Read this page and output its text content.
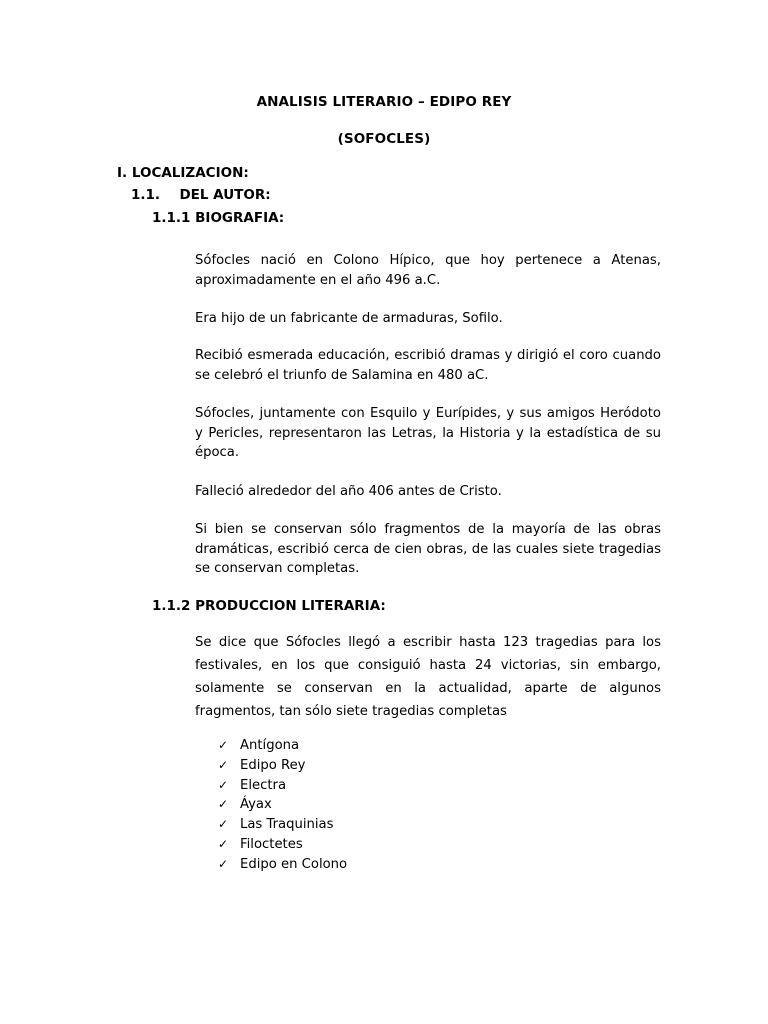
ANALISIS LITERARIO – EDIPO REY
(SOFOCLES)
I. LOCALIZACION:
1.1. DEL AUTOR:
1.1.1 BIOGRAFIA:

Sófocles nació en Colono Hípico, que hoy pertenece a Atenas, aproximadamente en el año 496 a.C.

Era hijo de un fabricante de armaduras, Sofilo.

Recibió esmerada educación, escribió dramas y dirigió el coro cuando se celebró el triunfo de Salamina en 480 aC.

Sófocles, juntamente con Esquilo y Eurípides, y sus amigos Heródoto y Pericles, representaron las Letras, la Historia y la estadística de su época.

Falleció alrededor del año 406 antes de Cristo.

Si bien se conservan sólo fragmentos de la mayoría de las obras dramáticas, escribió cerca de cien obras, de las cuales siete tragedias se conservan completas.

1.1.2 PRODUCCION LITERARIA:

Se dice que Sófocles llegó a escribir hasta 123 tragedias para los festivales, en los que consiguió hasta 24 victorias, sin embargo, solamente se conservan en la actualidad, aparte de algunos fragmentos, tan sólo siete tragedias completas

✓ Antígona
✓ Edipo Rey
✓ Electra
✓ Áyax
✓ Las Traquinias
✓ Filoctetes
✓ Edipo en Colono
